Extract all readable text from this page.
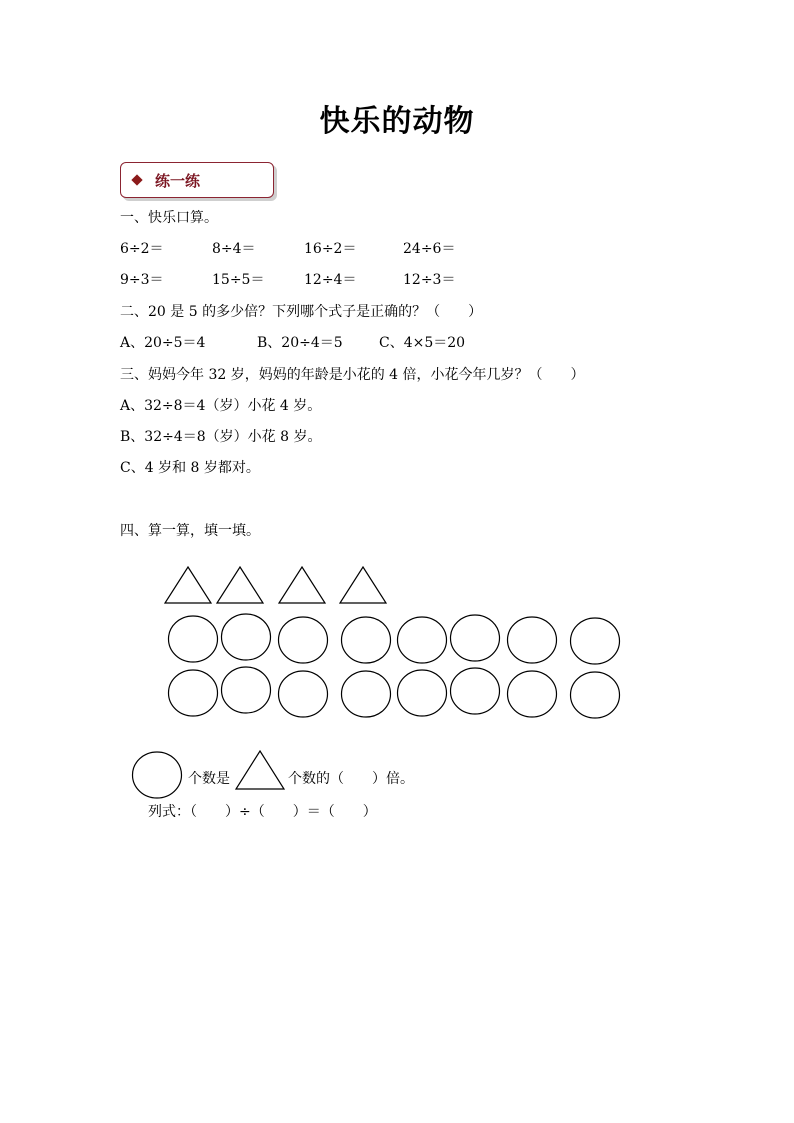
快乐的动物
练一练
一、快乐口算。
6÷2＝	8÷4＝	16÷2＝	24÷6＝
9÷3＝	15÷5＝	12÷4＝	12÷3＝
二、20 是 5 的多少倍？下列哪个式子是正确的？（　　）
A、20÷5＝4	B、20÷4＝5	C、4×5＝20
三、妈妈今年 32 岁，妈妈的年龄是小花的 4 倍，小花今年几岁？（　　）
A、32÷8＝4（岁）小花 4 岁。
B、32÷4＝8（岁）小花 8 岁。
C、4 岁和 8 岁都对。
四、算一算，填一填。
个数是	个数的（　　）倍。
列式：（　　）÷（　　）＝（　　）
